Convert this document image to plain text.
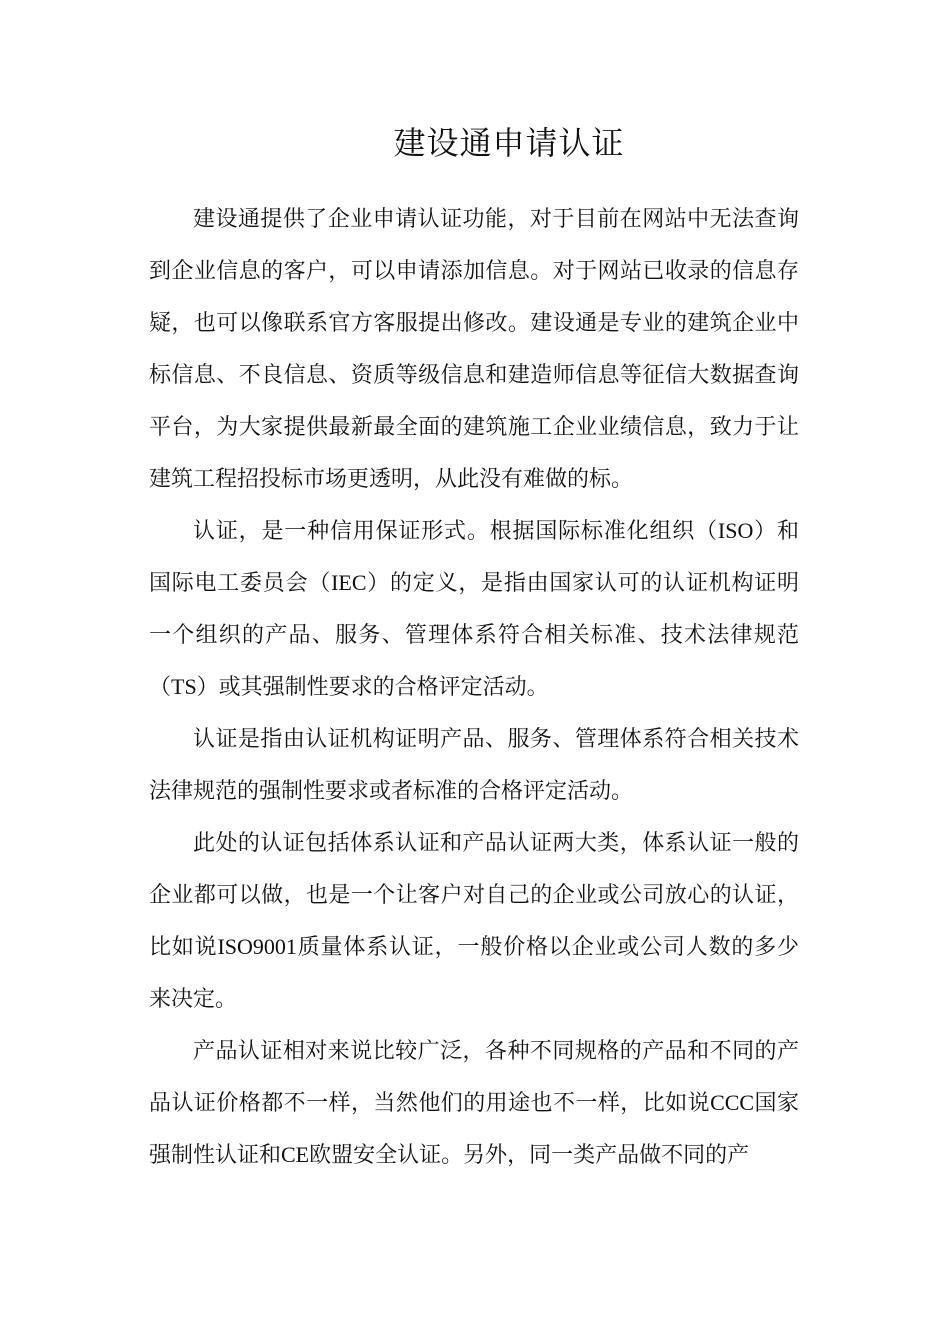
建设通申请认证

建设通提供了企业申请认证功能，对于目前在网站中无法查询到企业信息的客户，可以申请添加信息。对于网站已收录的信息存疑，也可以像联系官方客服提出修改。建设通是专业的建筑企业中标信息、不良信息、资质等级信息和建造师信息等征信大数据查询平台，为大家提供最新最全面的建筑施工企业业绩信息，致力于让建筑工程招投标市场更透明，从此没有难做的标。

认证，是一种信用保证形式。根据国际标准化组织（ISO）和国际电工委员会（IEC）的定义，是指由国家认可的认证机构证明一个组织的产品、服务、管理体系符合相关标准、技术法律规范（TS）或其强制性要求的合格评定活动。

认证是指由认证机构证明产品、服务、管理体系符合相关技术法律规范的强制性要求或者标准的合格评定活动。

此处的认证包括体系认证和产品认证两大类，体系认证一般的企业都可以做，也是一个让客户对自己的企业或公司放心的认证，比如说ISO9001质量体系认证，一般价格以企业或公司人数的多少来决定。

产品认证相对来说比较广泛，各种不同规格的产品和不同的产品认证价格都不一样，当然他们的用途也不一样，比如说CCC国家强制性认证和CE欧盟安全认证。另外，同一类产品做不同的产
